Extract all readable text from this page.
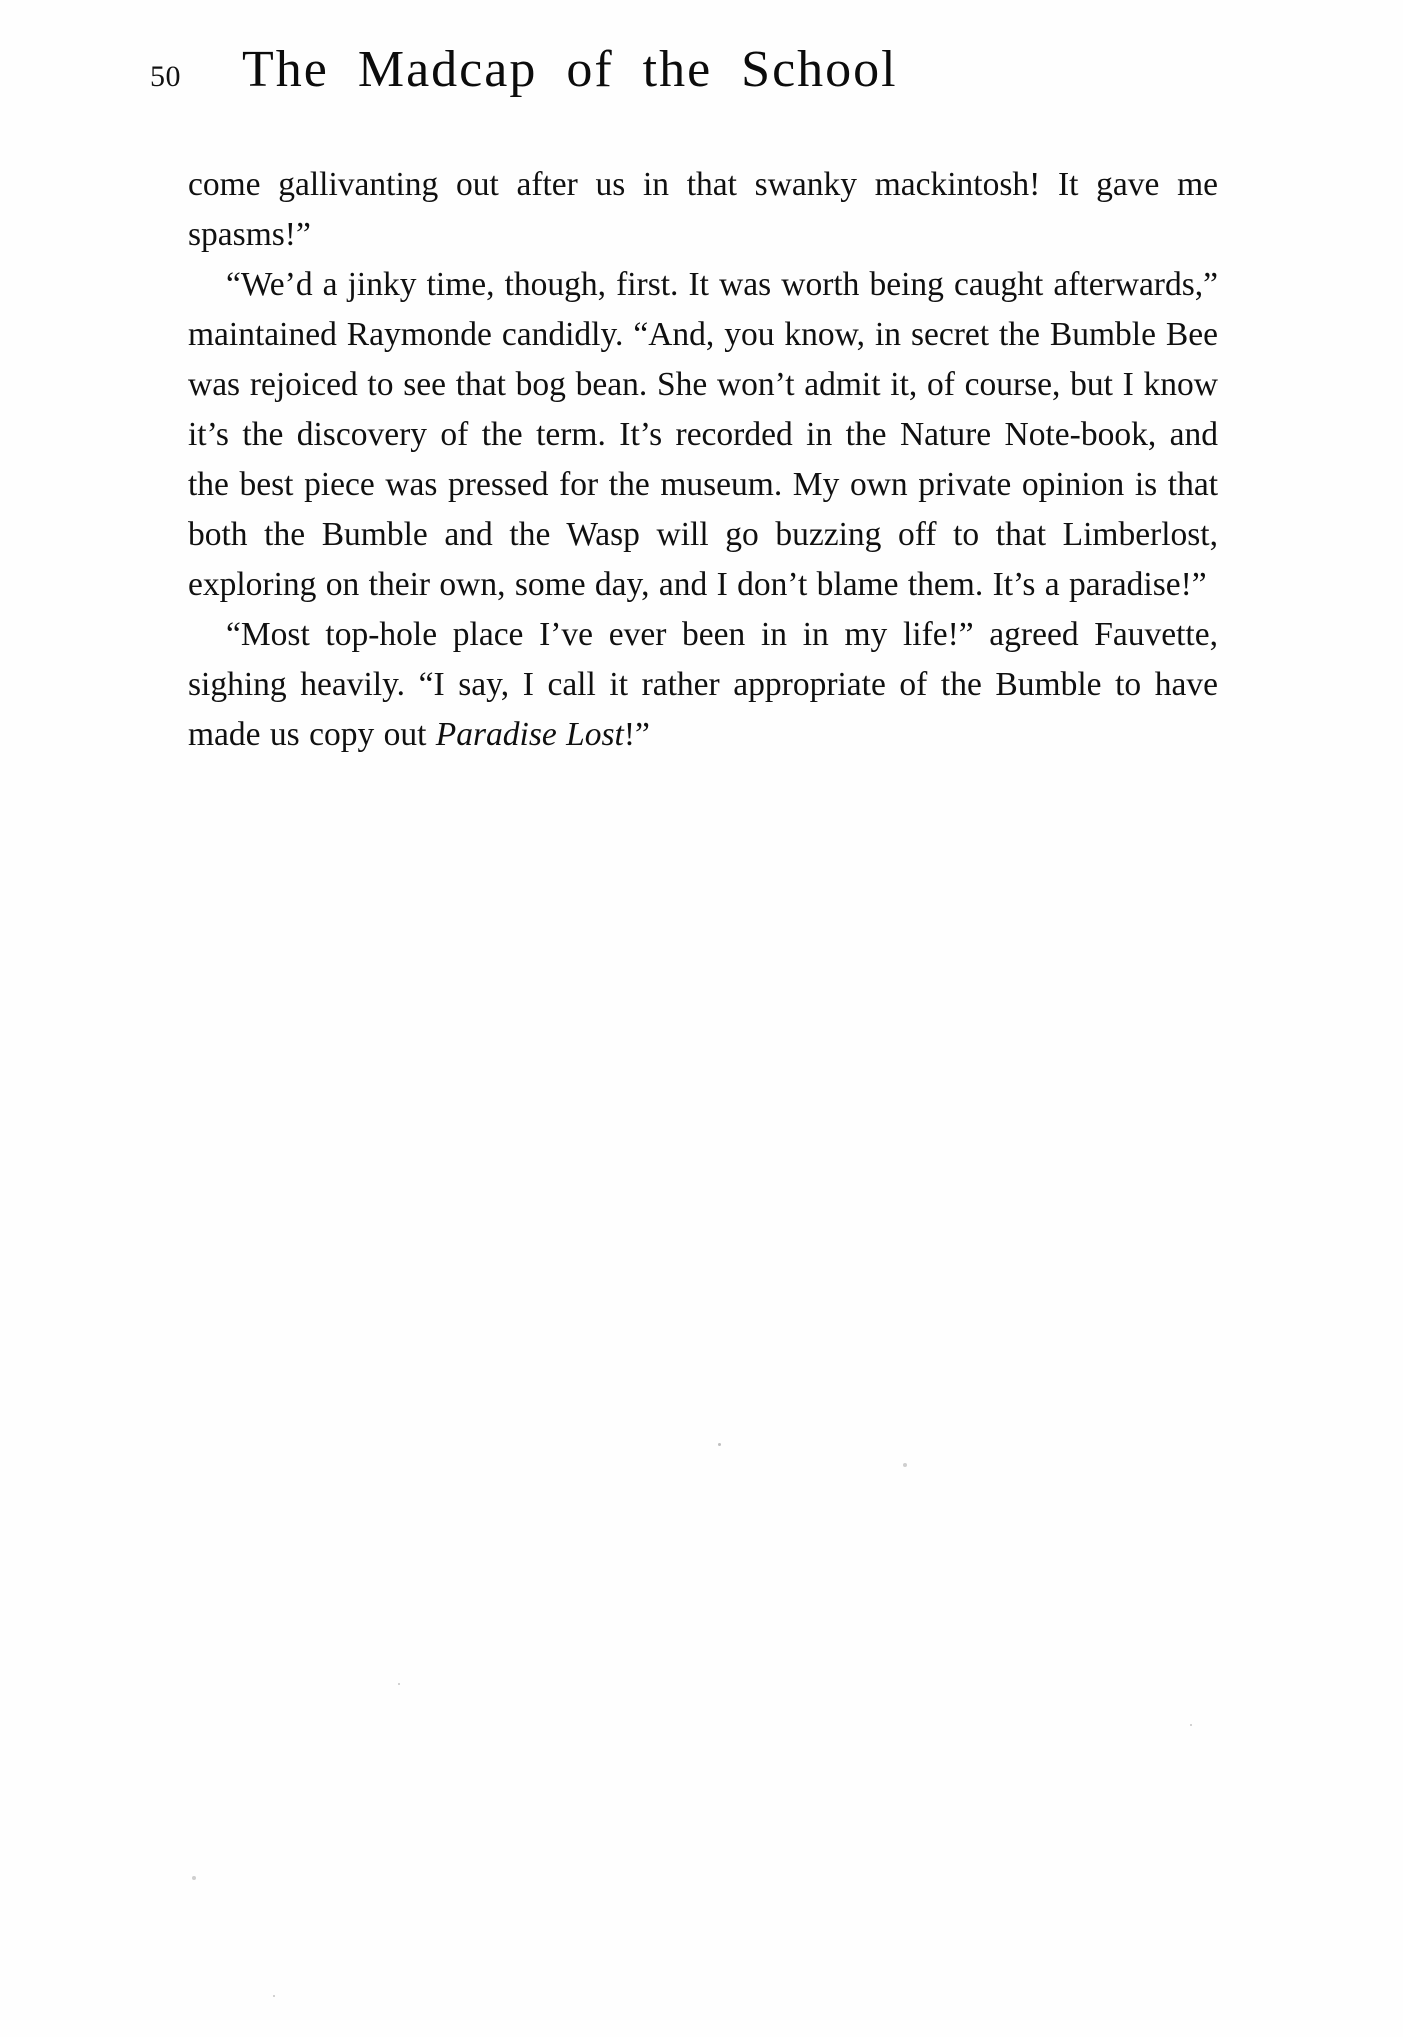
50	The Madcap of the School

come gallivanting out after us in that swanky mackintosh! It gave me spasms!”

“We’d a jinky time, though, first. It was worth being caught afterwards,” maintained Raymonde candidly. “And, you know, in secret the Bumble Bee was rejoiced to see that bog bean. She won’t admit it, of course, but I know it’s the discovery of the term. It’s recorded in the Nature Note-book, and the best piece was pressed for the museum. My own private opinion is that both the Bumble and the Wasp will go buzzing off to that Limberlost, exploring on their own, some day, and I don’t blame them. It’s a paradise!”

“Most top-hole place I’ve ever been in in my life!” agreed Fauvette, sighing heavily. “I say, I call it rather appropriate of the Bumble to have made us copy out Paradise Lost!”
